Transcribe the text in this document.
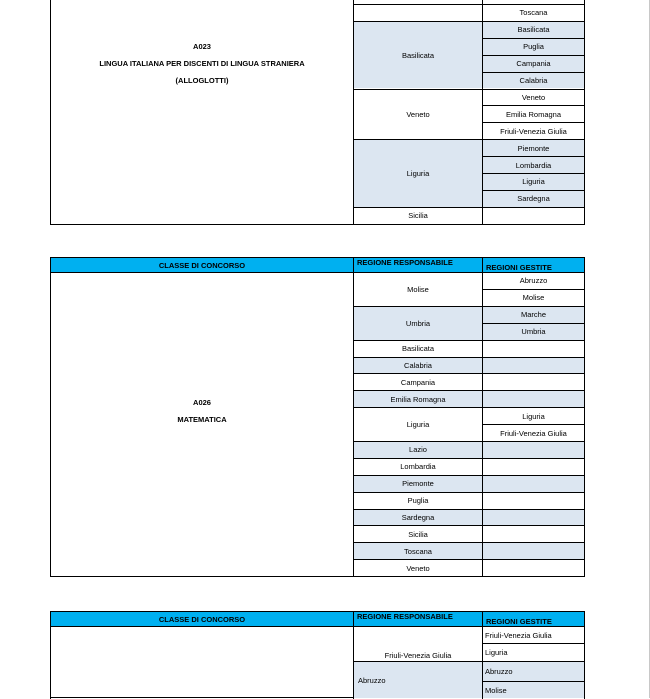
Toscana
Basilicata
Basilicata
Puglia
Campania
Calabria
Veneto
Veneto
Emilia Romagna
Friuli-Venezia Giulia
Liguria
Piemonte
Lombardia
Liguria
Sardegna
Sicilia
A023
LINGUA ITALIANA PER DISCENTI DI LINGUA STRANIERA
(ALLOGLOTTI)
CLASSE DI CONCORSO	REGIONE RESPONSABILE
REGIONI GESTITE
Molise
Abruzzo
Molise
Umbria
Marche
Umbria
Basilicata
Calabria
Campania
Emilia Romagna
Liguria
Liguria
Friuli-Venezia Giulia
Lazio
Lombardia
Piemonte
Puglia
Sardegna
Sicilia
Toscana
Veneto
A026
MATEMATICA
CLASSE DI CONCORSO	REGIONE RESPONSABILE
REGIONI GESTITE
Friuli-Venezia Giulia
Friuli-Venezia Giulia
Liguria
Abruzzo
Abruzzo
Molise
